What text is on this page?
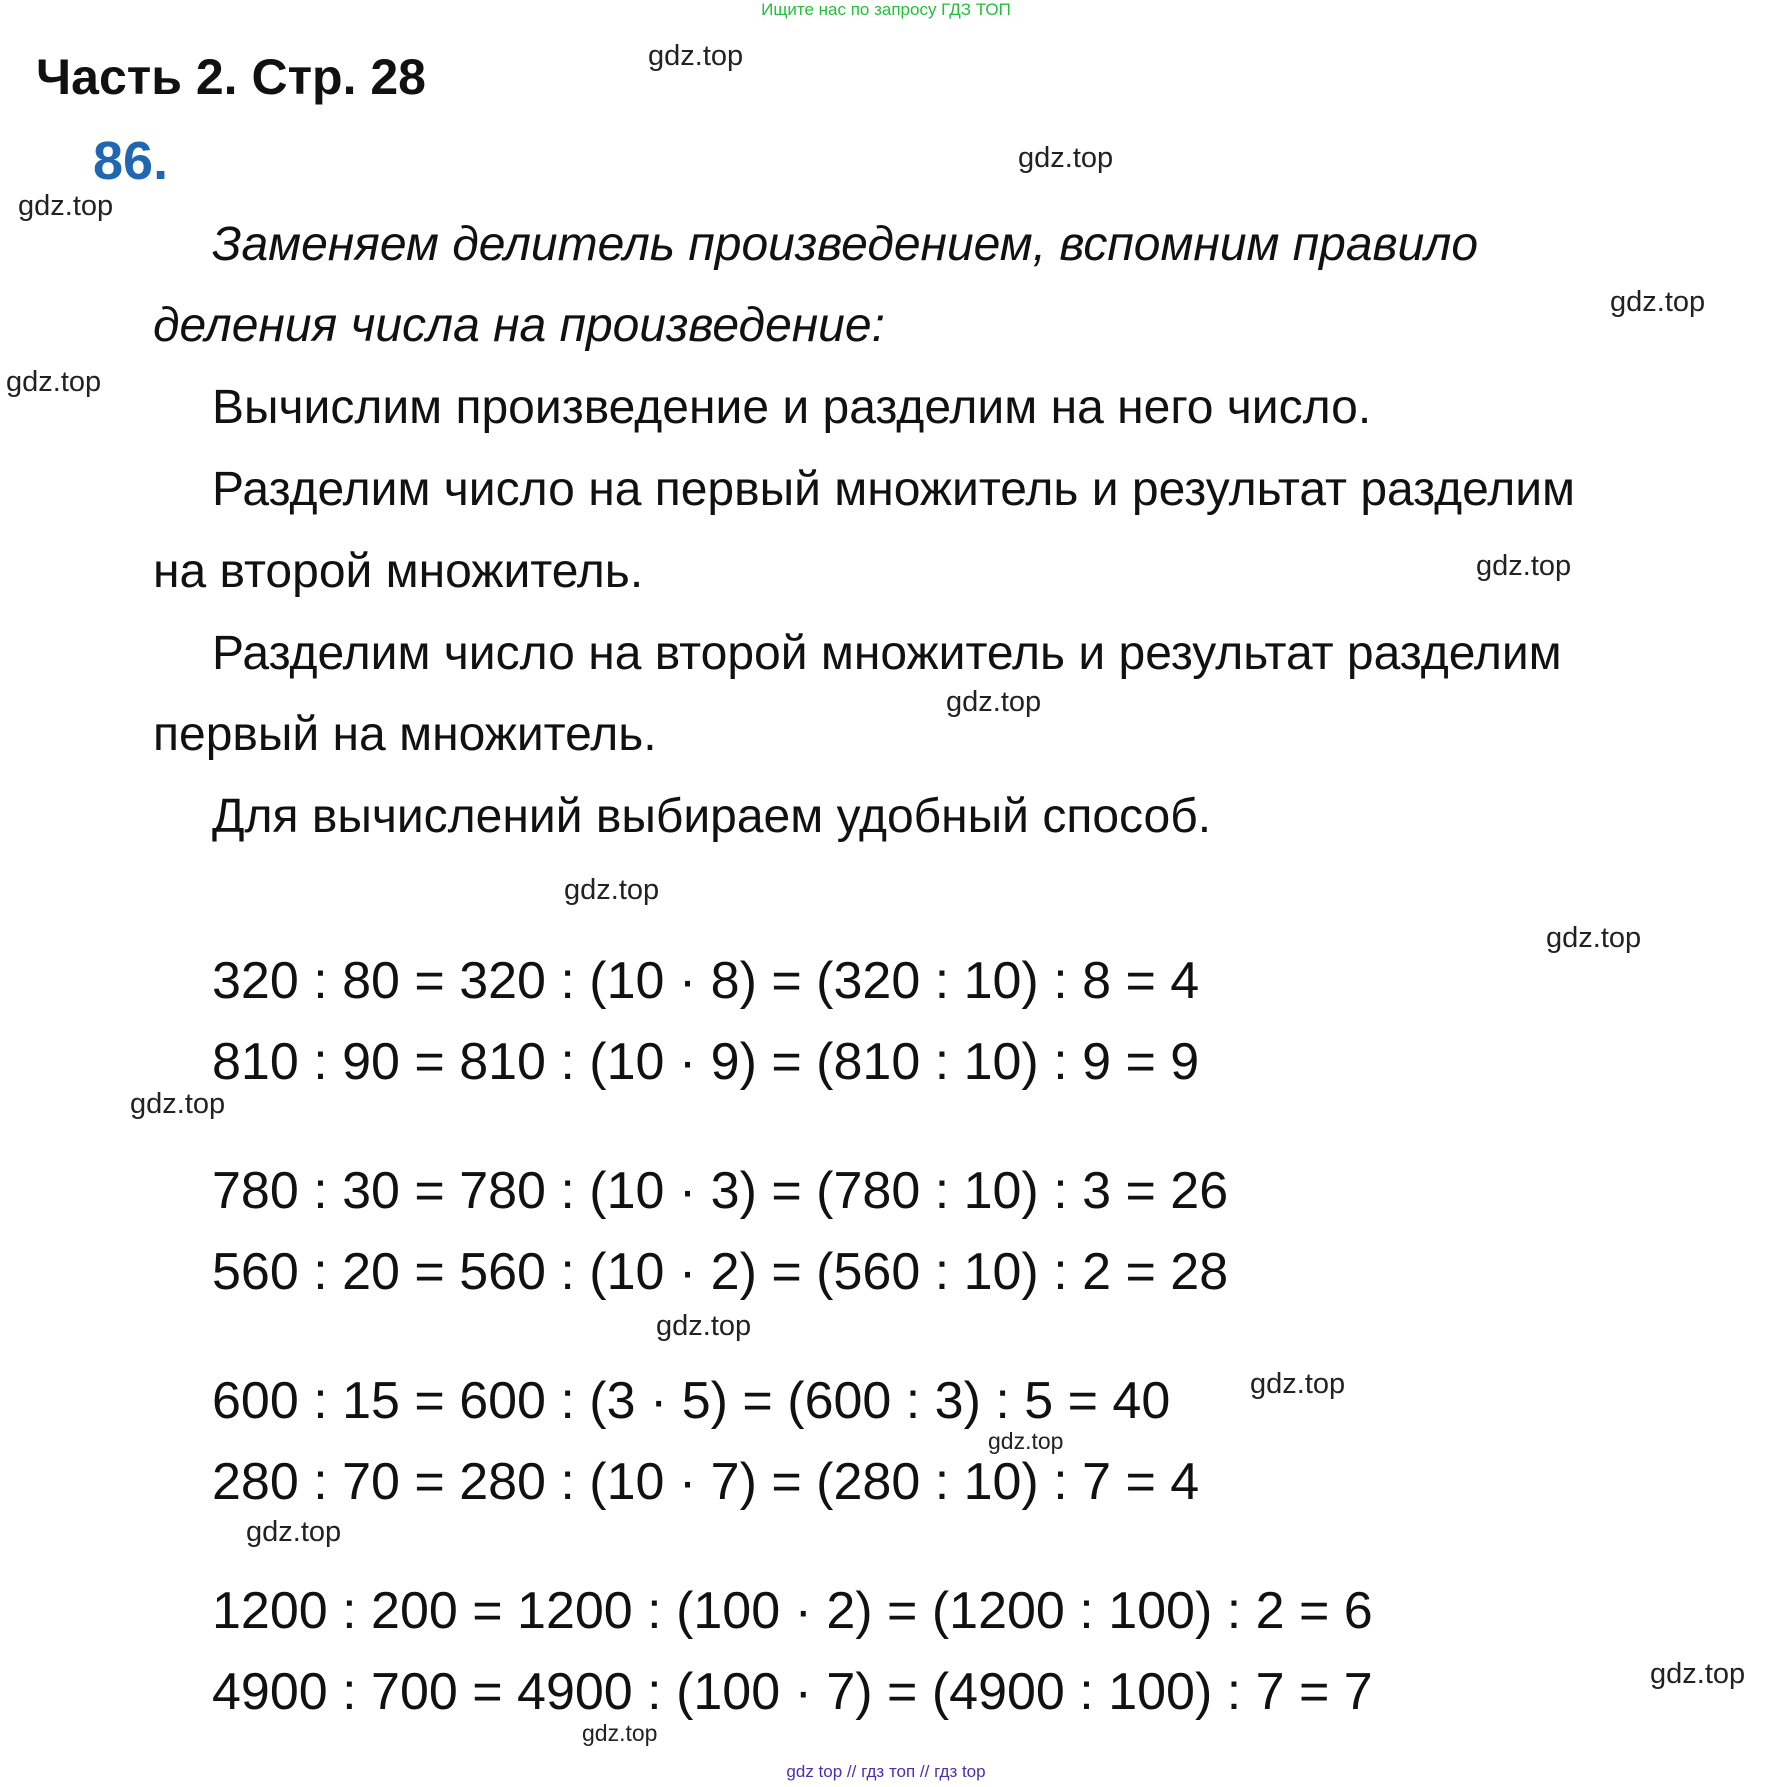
Ищите нас по запросу ГДЗ ТОП
Часть 2. Стр. 28
86.
Заменяем делитель произведением, вспомним правило
деления числа на произведение:
Вычислим произведение и разделим на него число.
Разделим число на первый множитель и результат разделим
на второй множитель.
Разделим число на второй множитель и результат разделим
первый на множитель.
Для вычислений выбираем удобный способ.
320 : 80 = 320 : (10 · 8) = (320 : 10) : 8 = 4
810 : 90 = 810 : (10 · 9) = (810 : 10) : 9 = 9
780 : 30 = 780 : (10 · 3) = (780 : 10) : 3 = 26
560 : 20 = 560 : (10 · 2) = (560 : 10) : 2 = 28
600 : 15 = 600 : (3 · 5) = (600 : 3) : 5 = 40
280 : 70 = 280 : (10 · 7) = (280 : 10) : 7 = 4
1200 : 200 = 1200 : (100 · 2) = (1200 : 100) : 2 = 6
4900 : 700 = 4900 : (100 · 7) = (4900 : 100) : 7 = 7
gdz.top
gdz.top
gdz.top
gdz.top
gdz.top
gdz.top
gdz.top
gdz.top
gdz.top
gdz.top
gdz.top
gdz.top
gdz.top
gdz.top
gdz.top
gdz.top
gdz top // гдз топ // гдз top
